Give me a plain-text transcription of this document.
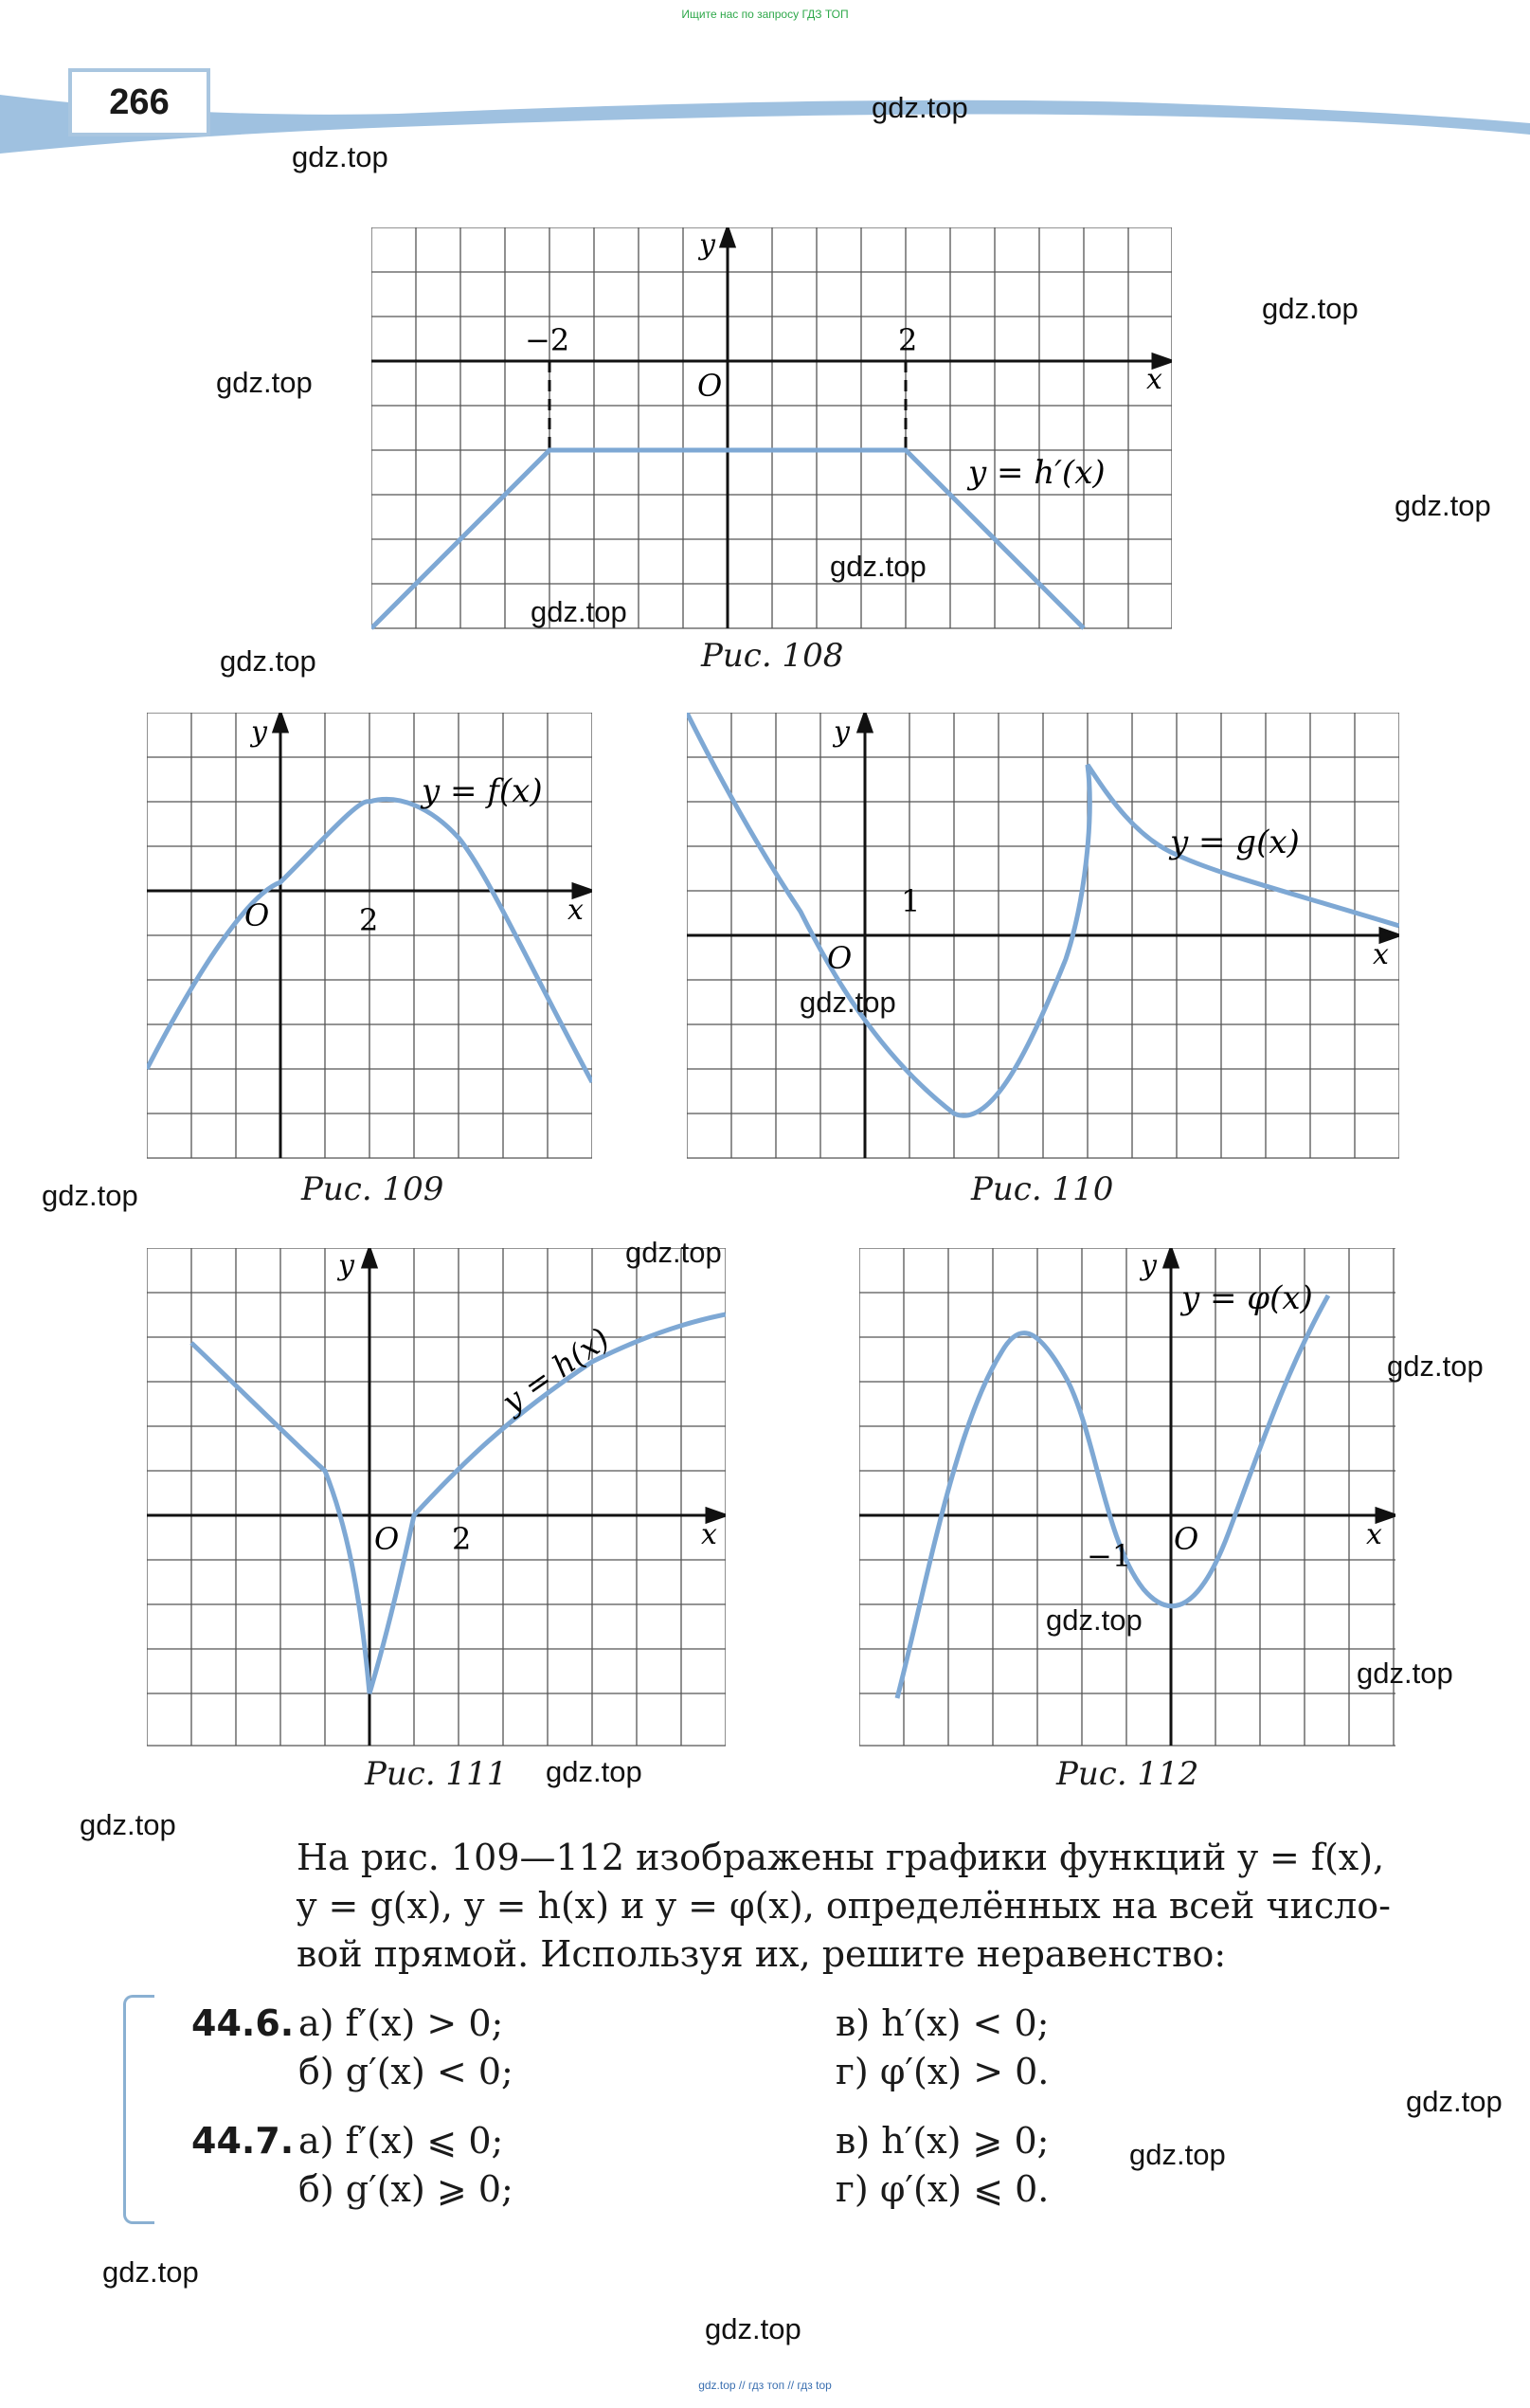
Ищите нас по запросу ГДЗ ТОП
266
−2	2
O	x
y
y = h′(x)
Рис. 108
O	2	x
y
y = f(x)
Рис. 109
O
1
x
y
y = g(x)
Рис. 110
O 2	x
y
y = h(x)
Рис. 111
O
−1
x
y
y = φ(x)
Рис. 112

На рис. 109—112 изображены графики функций y = f(x),

y = g(x), y = h(x) и y = φ(x), определённых на всей число-

вой прямой. Используя их, решите неравенство:

44.6. а) f′(x) > 0;
б) g′(x) < 0;
в) h′(x) < 0;
г) φ′(x) > 0.
44.7. а) f′(x) ⩽ 0;
б) g′(x) ⩾ 0;
в) h′(x) ⩾ 0;
г) φ′(x) ⩽ 0.
gdz.top
gdz.top
gdz.top
gdz.top
gdz.top
gdz.top
gdz.top
gdz.top
gdz.top
gdz.top
gdz.top
gdz.top
gdz.top
gdz.top
gdz.top
gdz.top
gdz.top
gdz.top
gdz.top
gdz.top
gdz.top // гдз топ // гдз top
